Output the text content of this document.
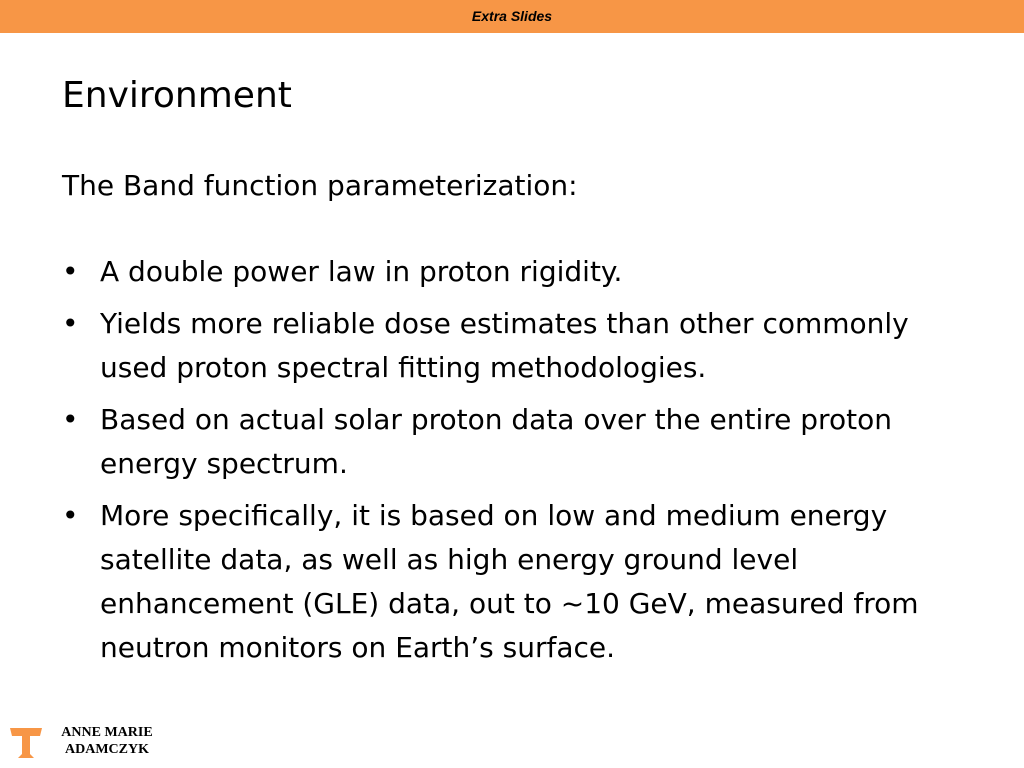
Extra Slides
Environment

The Band function parameterization:

• A double power law in proton rigidity.
• Yields more reliable dose estimates than other commonly used proton spectral fitting methodologies.
• Based on actual solar proton data over the entire proton energy spectrum.
• More specifically, it is based on low and medium energy satellite data, as well as high energy ground level enhancement (GLE) data, out to ~10 GeV, measured from neutron monitors on Earth’s surface.
ANNE MARIE
ADAMCZYK
